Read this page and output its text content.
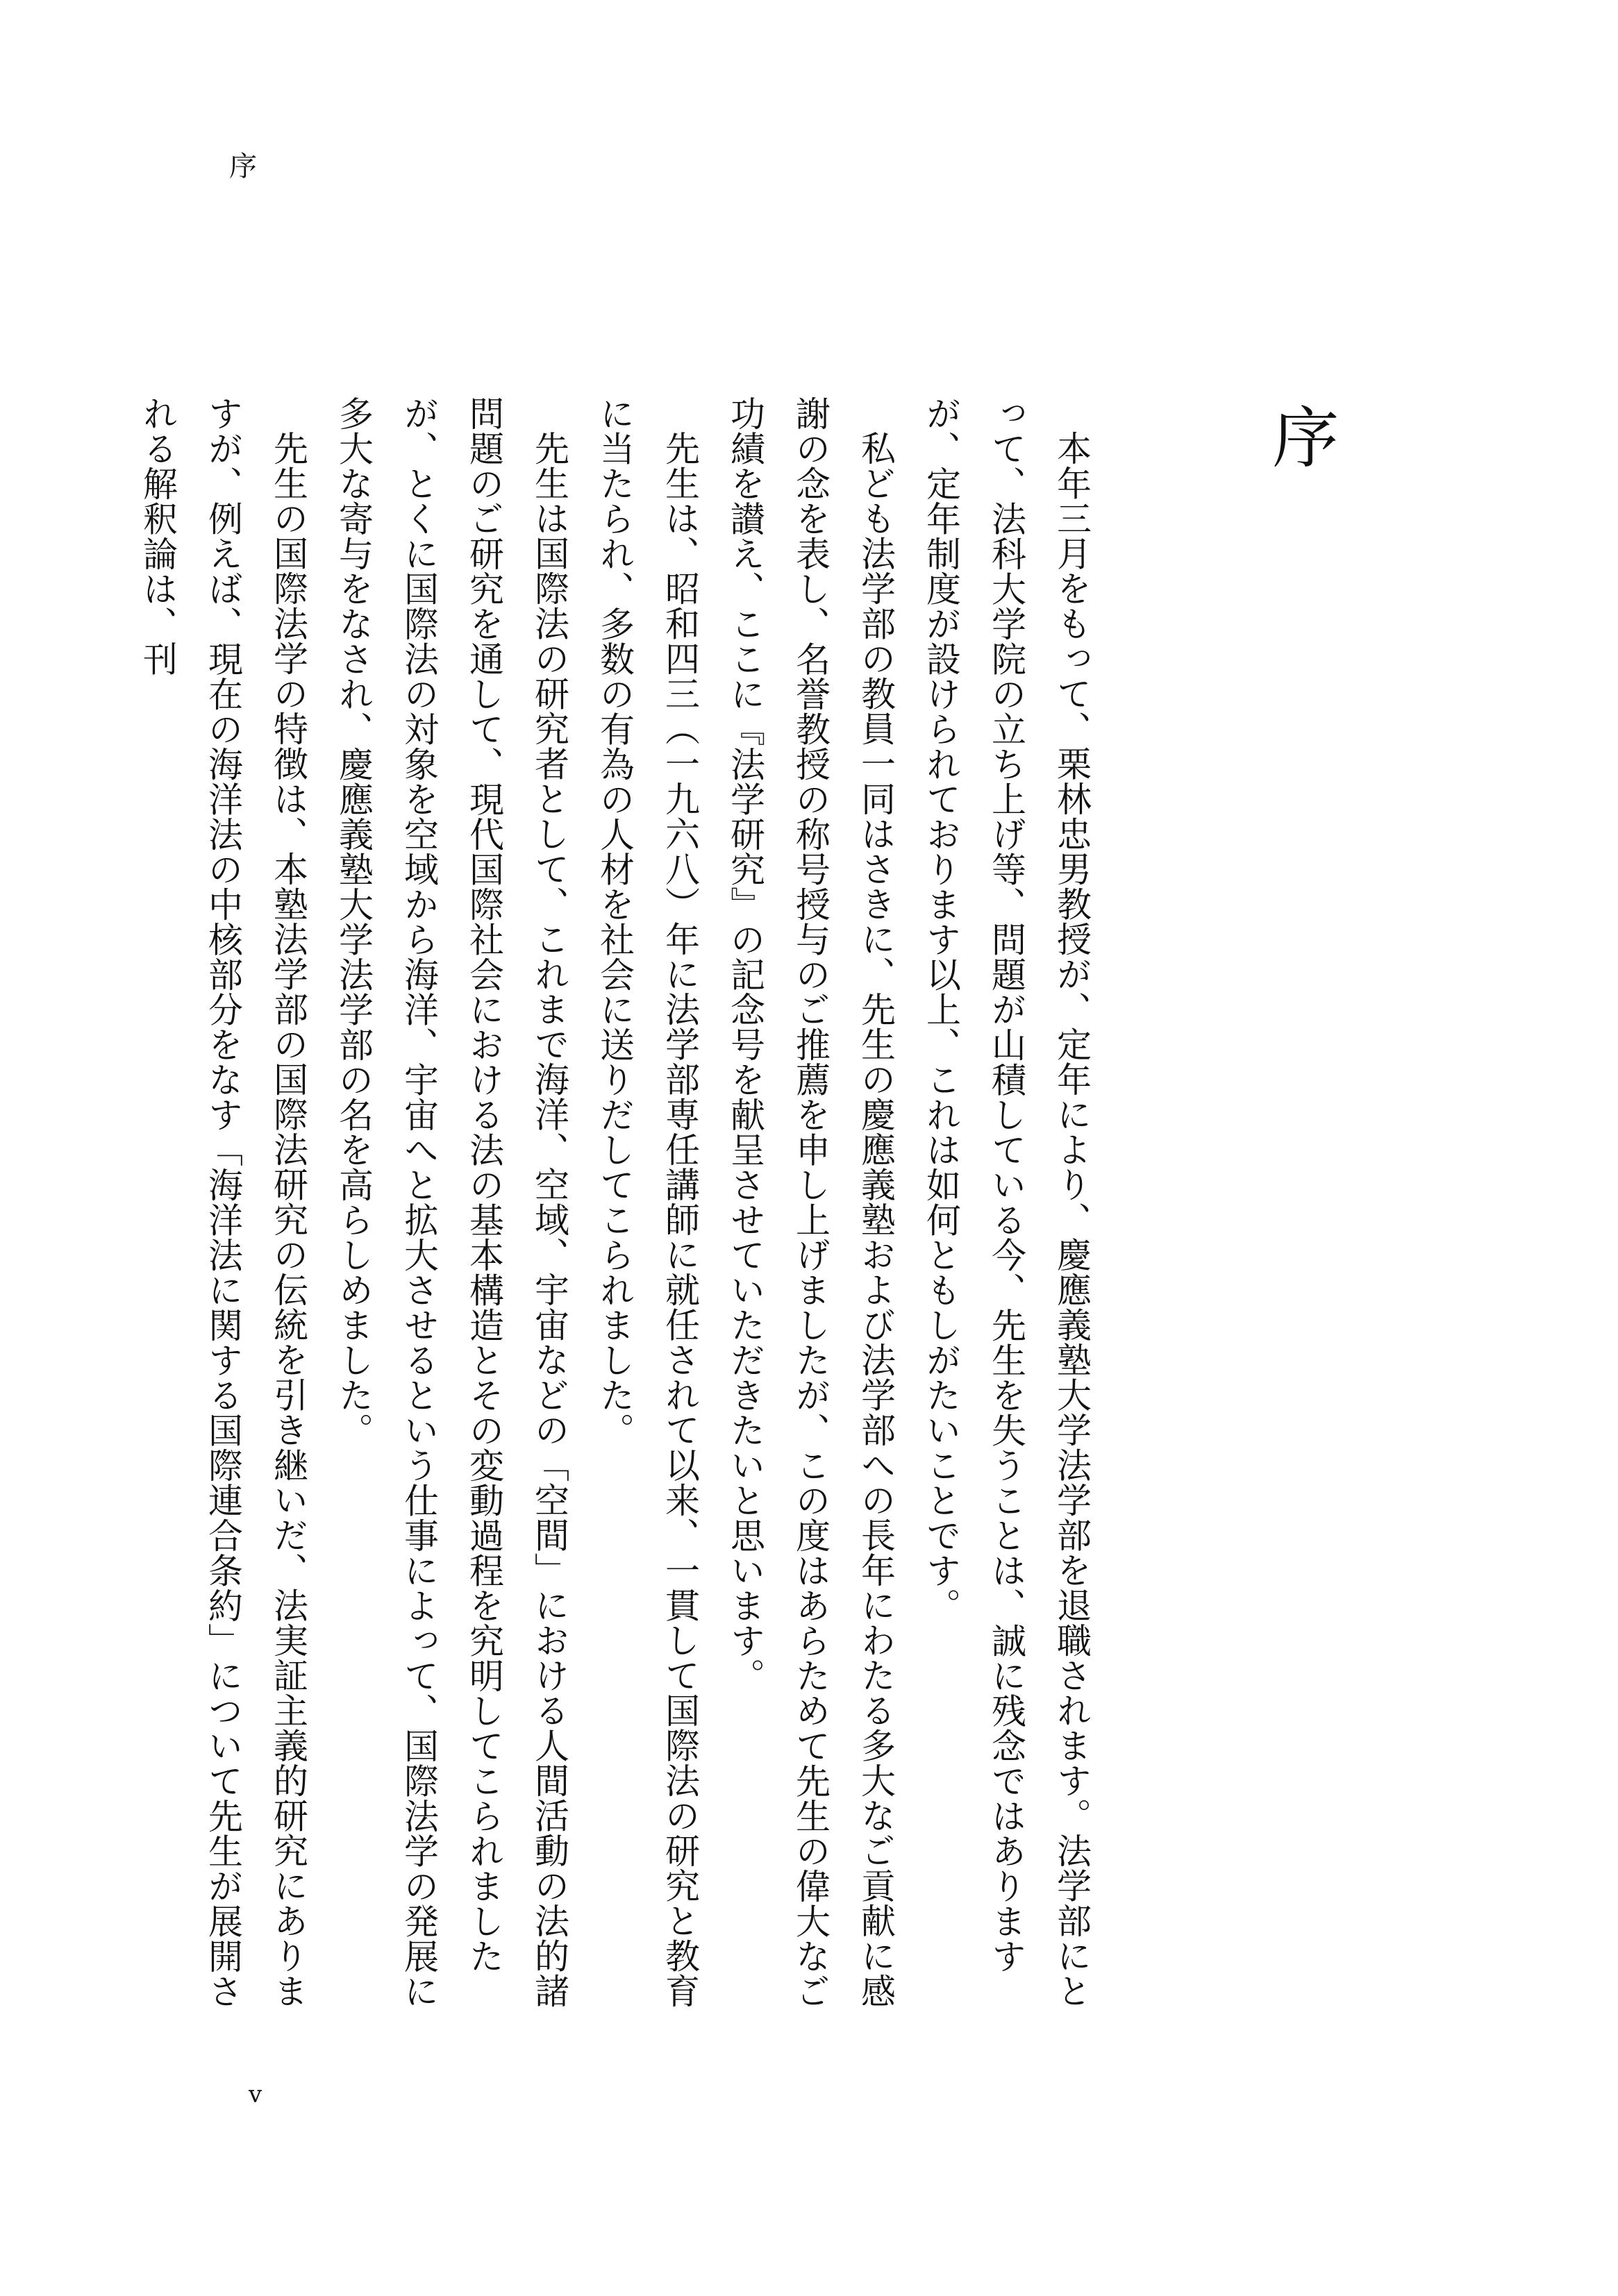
序
序

本年三月をもって、栗林忠男教授が、定年により、慶應義塾大学法学部を退職されます。法学部にとって、法科大学院の立ち上げ等、問題が山積している今、先生を失うことは、誠に残念ではありますが、定年制度が設けられております以上、これは如何ともしがたいことです。

私ども法学部の教員一同はさきに、先生の慶應義塾および法学部への長年にわたる多大なご貢献に感謝の念を表し、名誉教授の称号授与のご推薦を申し上げましたが、この度はあらためて先生の偉大なご功績を讃え、ここに『法学研究』の記念号を献呈させていただきたいと思います。

先生は、昭和四三（一九六八）年に法学部専任講師に就任されて以来、一貫して国際法の研究と教育に当たられ、多数の有為の人材を社会に送りだしてこられました。

先生は国際法の研究者として、これまで海洋、空域、宇宙などの「空間」における人間活動の法的諸問題のご研究を通して、現代国際社会における法の基本構造とその変動過程を究明してこられましたが、とくに国際法の対象を空域から海洋、宇宙へと拡大させるという仕事によって、国際法学の発展に多大な寄与をなされ、慶應義塾大学法学部の名を高らしめました。

先生の国際法学の特徴は、本塾法学部の国際法研究の伝統を引き継いだ、法実証主義的研究にありますが、例えば、現在の海洋法の中核部分をなす「海洋法に関する国際連合条約」について先生が展開される解釈論は、刊

v
